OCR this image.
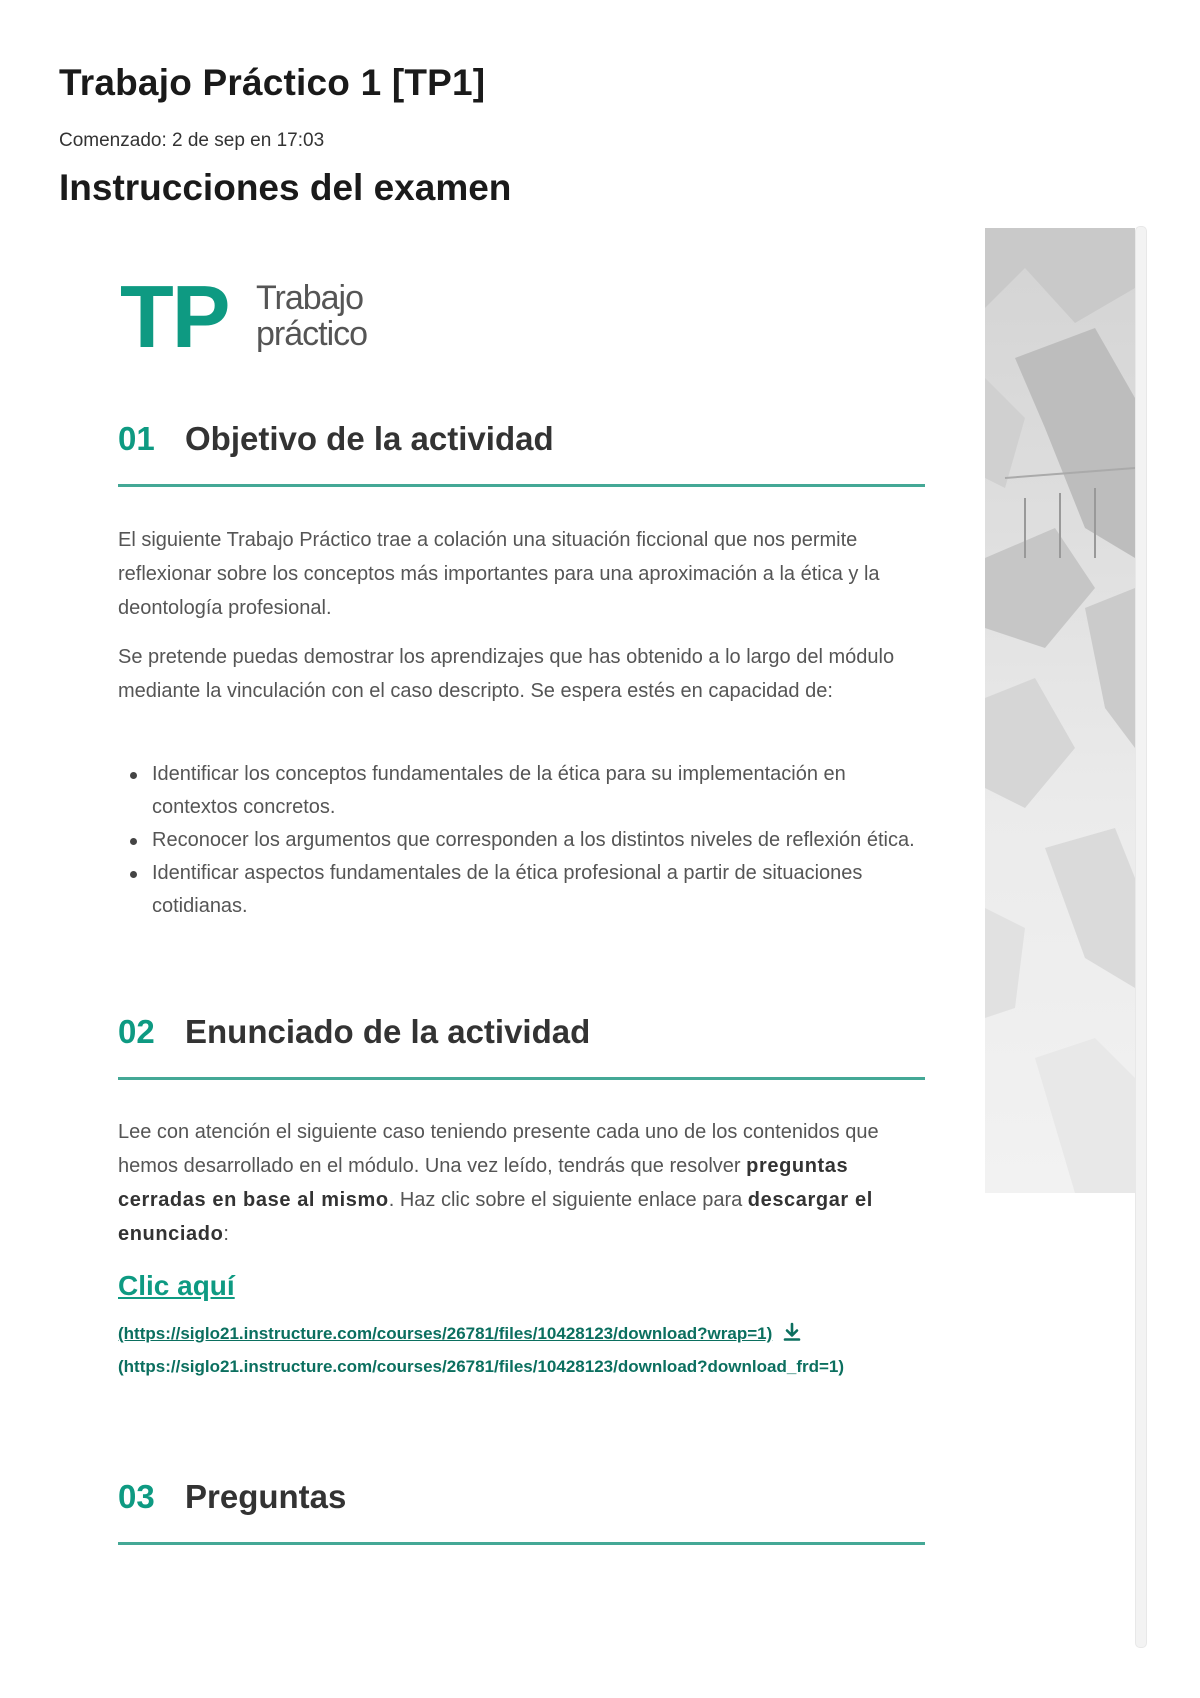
Trabajo Práctico 1 [TP1]
Comenzado: 2 de sep en 17:03
Instrucciones del examen
TP Trabajo
práctico
01 Objetivo de la actividad

El siguiente Trabajo Práctico trae a colación una situación ficcional que nos permite reflexionar sobre los conceptos más importantes para una aproximación a la ética y la deontología profesional.

Se pretende puedas demostrar los aprendizajes que has obtenido a lo largo del módulo mediante la vinculación con el caso descripto. Se espera estés en capacidad de:

Identificar los conceptos fundamentales de la ética para su implementación en contextos concretos.
Reconocer los argumentos que corresponden a los distintos niveles de reflexión ética.
Identificar aspectos fundamentales de la ética profesional a partir de situaciones cotidianas.
02 Enunciado de la actividad

Lee con atención el siguiente caso teniendo presente cada uno de los contenidos que hemos desarrollado en el módulo. Una vez leído, tendrás que resolver preguntas cerradas en base al mismo. Haz clic sobre el siguiente enlace para descargar el enunciado:

Clic aquí
(https://siglo21.instructure.com/courses/26781/files/10428123/download?wrap=1)
(https://siglo21.instructure.com/courses/26781/files/10428123/download?download_frd=1)
03 Preguntas
